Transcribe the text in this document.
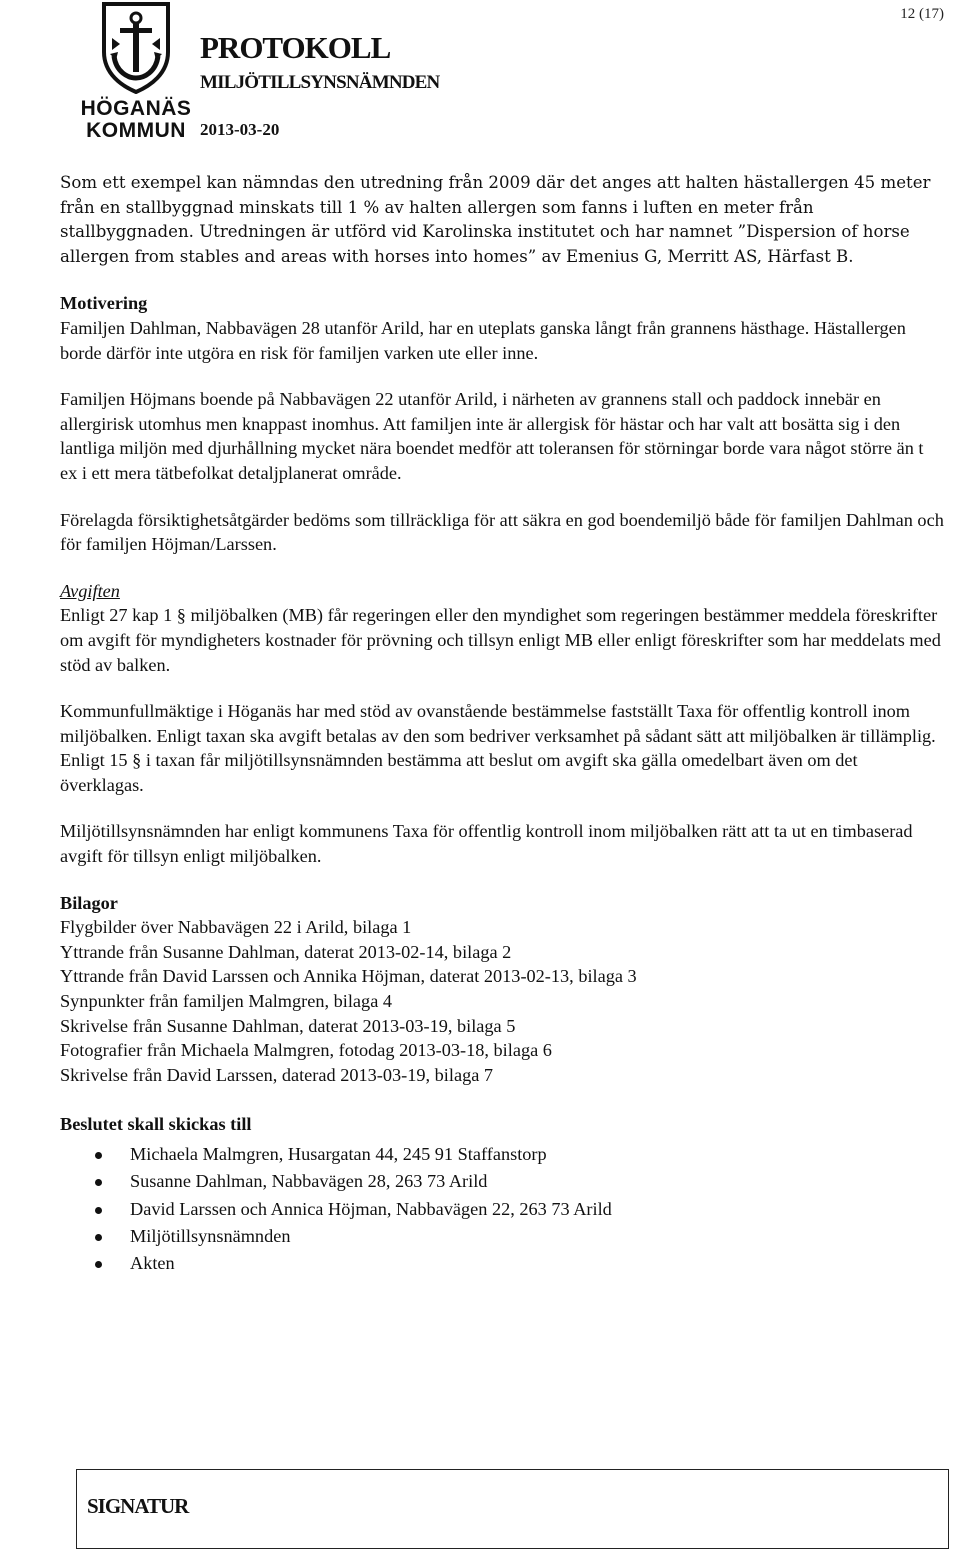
12 (17)
HÖGANÄS
KOMMUN
PROTOKOLL
MILJÖTILLSYNSNÄMNDEN
2013-03-20

Som ett exempel kan nämndas den utredning från 2009 där det anges att halten hästallergen 45 meter från en stallbyggnad minskats till 1 % av halten allergen som fanns i luften en meter från stallbyggnaden. Utredningen är utförd vid Karolinska institutet och har namnet ”Dispersion of horse allergen from stables and areas with horses into homes” av Emenius G, Merritt AS, Härfast B.

Motivering

Familjen Dahlman, Nabbavägen 28 utanför Arild, har en uteplats ganska långt från grannens hästhage. Hästallergen borde därför inte utgöra en risk för familjen varken ute eller inne.

Familjen Höjmans boende på Nabbavägen 22 utanför Arild, i närheten av grannens stall och paddock innebär en allergirisk utomhus men knappast inomhus. Att familjen inte är allergisk för hästar och har valt att bosätta sig i den lantliga miljön med djurhållning mycket nära boendet medför att toleransen för störningar borde vara något större än t ex i ett mera tätbefolkat detaljplanerat område.

Förelagda försiktighetsåtgärder bedöms som tillräckliga för att säkra en god boendemiljö både för familjen Dahlman och för familjen Höjman/Larssen.

Avgiften

Enligt 27 kap 1 § miljöbalken (MB) får regeringen eller den myndighet som regeringen bestämmer meddela föreskrifter om avgift för myndigheters kostnader för prövning och tillsyn enligt MB eller enligt föreskrifter som har meddelats med stöd av balken.

Kommunfullmäktige i Höganäs har med stöd av ovanstående bestämmelse fastställt Taxa för offentlig kontroll inom miljöbalken. Enligt taxan ska avgift betalas av den som bedriver verksamhet på sådant sätt att miljöbalken är tillämplig. Enligt 15 § i taxan får miljötillsynsnämnden bestämma att beslut om avgift ska gälla omedelbart även om det överklagas.

Miljötillsynsnämnden har enligt kommunens Taxa för offentlig kontroll inom miljöbalken rätt att ta ut en timbaserad avgift för tillsyn enligt miljöbalken.

Bilagor

Flygbilder över Nabbavägen 22 i Arild, bilaga 1

Yttrande från Susanne Dahlman, daterat 2013-02-14, bilaga 2

Yttrande från David Larssen och Annika Höjman, daterat 2013-02-13, bilaga 3

Synpunkter från familjen Malmgren, bilaga 4

Skrivelse från Susanne Dahlman, daterat 2013-03-19, bilaga 5

Fotografier från Michaela Malmgren, fotodag 2013-03-18, bilaga 6

Skrivelse från David Larssen, daterad 2013-03-19, bilaga 7

Beslutet skall skickas till

Michaela Malmgren, Husargatan 44, 245 91 Staffanstorp
Susanne Dahlman, Nabbavägen 28, 263 73 Arild
David Larssen och Annica Höjman, Nabbavägen 22, 263 73 Arild
Miljötillsynsnämnden
Akten
SIGNATUR
